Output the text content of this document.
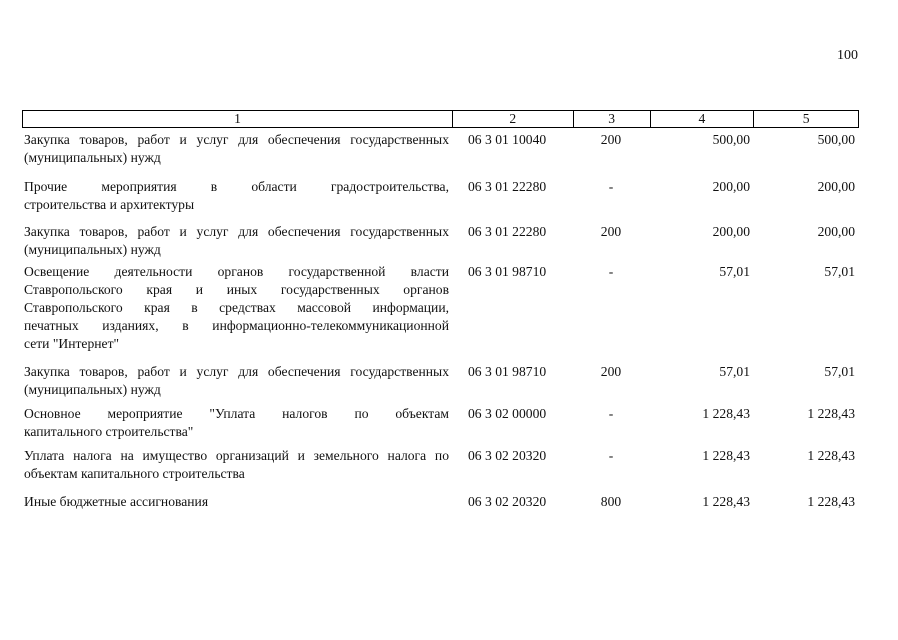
100
1	2	3	4	5
Закупка товаров, работ и услуг для обеспечения государственных
(муниципальных) нужд
06 3 01 10040	200	500,00	500,00
Прочие мероприятия в области градостроительства,
строительства и архитектуры
06 3 01 22280	-	200,00	200,00
Закупка товаров, работ и услуг для обеспечения государственных
(муниципальных) нужд
06 3 01 22280	200	200,00	200,00
Освещение деятельности органов государственной власти
Ставропольского края и иных государственных органов
Ставропольского края в средствах массовой информации,
печатных изданиях, в информационно-телекоммуникационной
сети "Интернет"
06 3 01 98710	-	57,01	57,01
Закупка товаров, работ и услуг для обеспечения государственных
(муниципальных) нужд
06 3 01 98710	200	57,01	57,01
Основное мероприятие "Уплата налогов по объектам
капитального строительства"
06 3 02 00000	-	1 228,43	1 228,43
Уплата налога на имущество организаций и земельного налога по
объектам капитального строительства
06 3 02 20320	-	1 228,43	1 228,43
Иные бюджетные ассигнования	06 3 02 20320	800	1 228,43	1 228,43
